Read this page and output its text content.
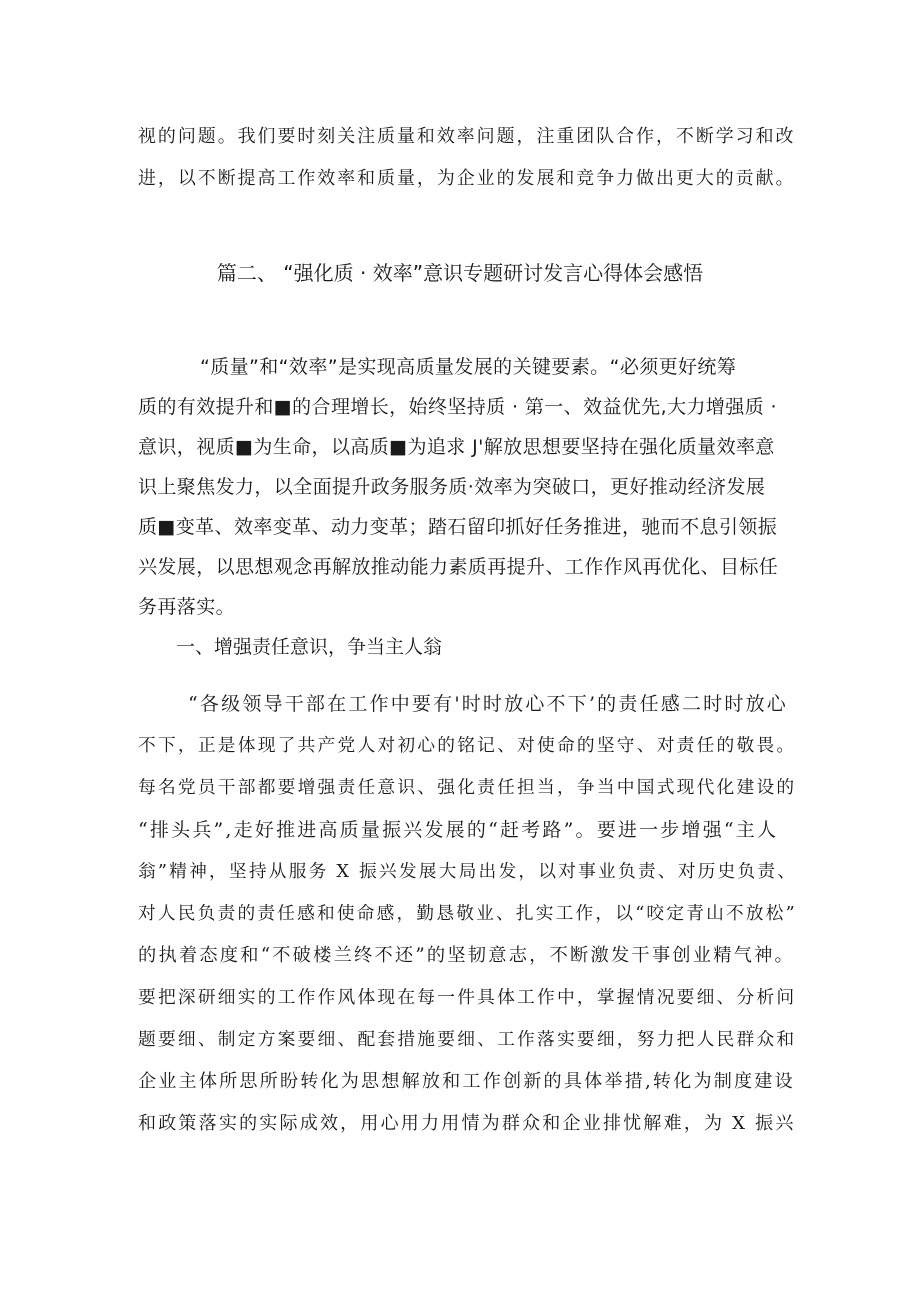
视的问题。我们要时刻关注质量和效率问题，注重团队合作，不断学习和改
进，以不断提高工作效率和质量，为企业的发展和竞争力做出更大的贡献。
篇二、 “强化质 · 效率”意识专题研讨发言心得体会感悟
“质量”和“效率”是实现高质量发展的关键要素。“必须更好统筹
质的有效提升和■的合理增长，始终坚持质 · 第一、效益优先,大力增强质 ·
意识，视质■为生命，以高质■为追求 J'解放思想要坚持在强化质量效率意
识上聚焦发力，以全面提升政务服务质·效率为突破口，更好推动经济发展
质■变革、效率变革、动力变革；踏石留印抓好任务推进，驰而不息引领振
兴发展，以思想观念再解放推动能力素质再提升、工作作风再优化、目标任
务再落实。
一、增强责任意识，争当主人翁
“各级领导干部在工作中要有'时时放心不下’的责任感二时时放心
不下，正是体现了共产党人对初心的铭记、对使命的坚守、对责任的敬畏。
每名党员干部都要增强责任意识、强化责任担当，争当中国式现代化建设的
“排头兵”,走好推进高质量振兴发展的“赶考路”。要进一步增强“主人
翁”精神，坚持从服务 X 振兴发展大局出发，以对事业负责、对历史负责、
对人民负责的责任感和使命感，勤恳敬业、扎实工作，以“咬定青山不放松”
的执着态度和“不破楼兰终不还”的坚韧意志，不断激发干事创业精气神。
要把深研细实的工作作风体现在每一件具体工作中，掌握情况要细、分析问
题要细、制定方案要细、配套措施要细、工作落实要细，努力把人民群众和
企业主体所思所盼转化为思想解放和工作创新的具体举措,转化为制度建设
和政策落实的实际成效，用心用力用情为群众和企业排忧解难，为 X 振兴
